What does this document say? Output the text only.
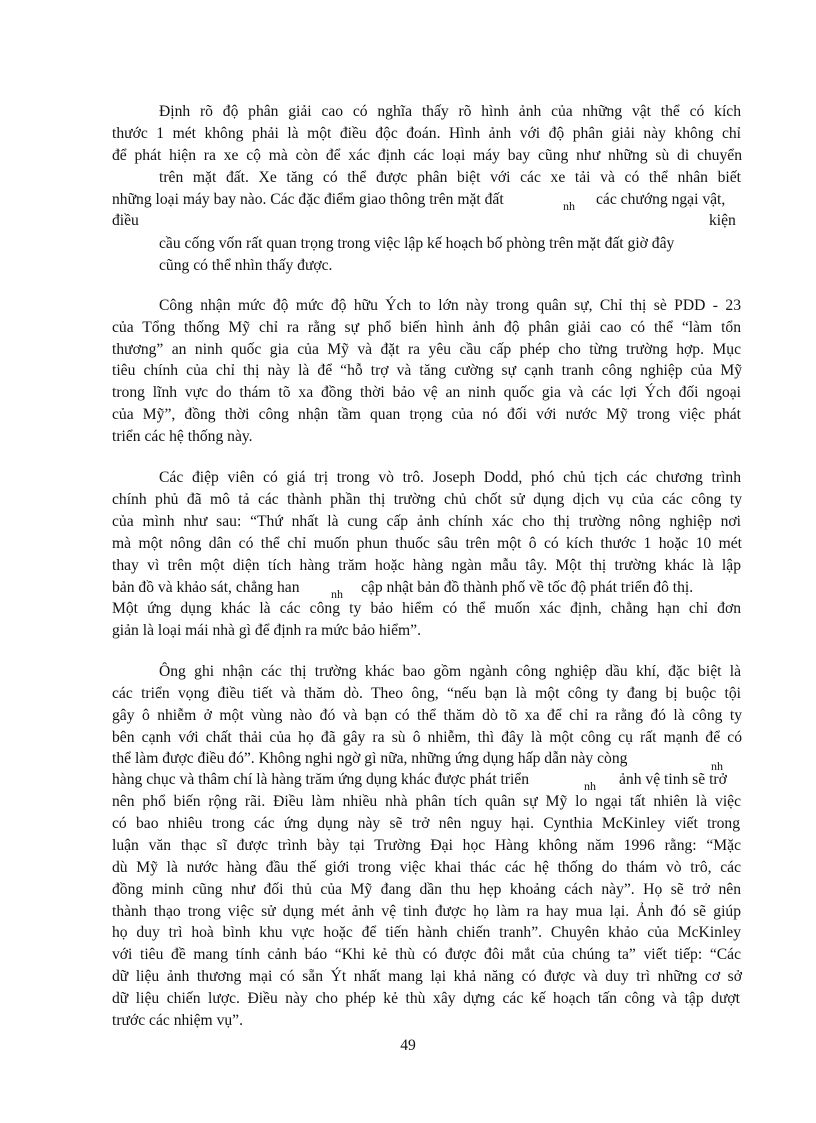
Định rõ độ phân giải cao có nghĩa thấy rõ hình ảnh của những vật thể có kích
thước 1 mét không phải là một điều độc đoán. Hình ảnh với độ phân giải này không chỉ
để phát hiện ra xe cộ mà còn để xác định các loại máy bay cũng như những sù di chuyển
trên mặt đất. Xe tăng có thể được phân biệt với các xe tải và có thể nhân biết
những loại máy bay nào. Các đặc điểm giao thông trên mặt đất	nh các chướng ngại vật,
điều	kiện
cầu cống vốn rất quan trọng trong việc lập kế hoạch bố phòng trên mặt đất giờ đây
cũng có thể nhìn thấy được.
Công nhận mức độ mức độ hữu Ých to lớn này trong quân sự, Chỉ thị sè PDD - 23
của Tổng thống Mỹ chỉ ra rằng sự phổ biến hình ảnh độ phân giải cao có thể “làm tổn
thương” an ninh quốc gia của Mỹ và đặt ra yêu cầu cấp phép cho từng trường hợp. Mục
tiêu chính của chỉ thị này là để “hỗ trợ và tăng cường sự cạnh tranh công nghiệp của Mỹ
trong lĩnh vực do thám tõ xa đồng thời bảo vệ an ninh quốc gia và các lợi Ých đối ngoại
của Mỹ”, đồng thời công nhận tầm quan trọng của nó đối với nước Mỹ trong việc phát
triển các hệ thống này.
Các điệp viên có giá trị trong vò trô. Joseph Dodd, phó chủ tịch các chương trình
chính phủ đã mô tả các thành phần thị trường chủ chốt sử dụng dịch vụ của các công ty
của mình như sau: “Thứ nhất là cung cấp ảnh chính xác cho thị trường nông nghiệp nơi
mà một nông dân có thể chỉ muốn phun thuốc sâu trên một ô có kích thước 1 hoặc 10 mét
thay vì trên một diện tích hàng trăm hoặc hàng ngàn mẫu tây. Một thị trường khác là lập
bản đồ và khảo sát, chẳng han	nh cập nhật bản đồ thành phố về tốc độ phát triển đô thị.
Một ứng dụng khác là các công ty bảo hiểm có thể muốn xác định, chẳng hạn chỉ đơn
giản là loại mái nhà gì để định ra mức bảo hiểm”.
Ông ghi nhận các thị trường khác bao gồm ngành công nghiệp dầu khí, đặc biệt là
các triển vọng điều tiết và thăm dò. Theo ông, “nếu bạn là một công ty đang bị buộc tội
gây ô nhiễm ở một vùng nào đó và bạn có thể thăm dò tõ xa để chỉ ra rằng đó là công ty
bên cạnh với chất thải của họ đã gây ra sù ô nhiễm, thì đây là một công cụ rất mạnh để có
thể làm được điều đó”. Không nghi ngờ gì nữa, những ứng dụng hấp dẫn này còng	nh
hàng chục và thâm chí là hàng trăm ứng dụng khác được phát triển	nh ảnh vệ tinh sẽ trở
nên phổ biến rộng rãi. Điều làm nhiều nhà phân tích quân sự Mỹ lo ngại tất nhiên là việc
có bao nhiêu trong các ứng dụng này sẽ trở nên nguy hại. Cynthia McKinley viết trong
luận văn thạc sĩ được trình bày tại Trường Đại học Hàng không năm 1996 rằng: “Mặc
dù Mỹ là nước hàng đầu thế giới trong việc khai thác các hệ thống do thám vò trô, các
đồng minh cũng như đối thủ của Mỹ đang dần thu hẹp khoảng cách này”. Họ sẽ trở nên
thành thạo trong việc sử dụng mét ảnh vệ tinh được họ làm ra hay mua lại. Ảnh đó sẽ giúp
họ duy trì hoà bình khu vực hoặc để tiến hành chiến tranh”. Chuyên khảo của McKinley
với tiêu đề mang tính cảnh báo “Khi kẻ thù có được đôi mắt của chúng ta” viết tiếp: “Các
dữ liệu ảnh thương mại có sẵn Ýt nhất mang lại khả năng có được và duy trì những cơ sở
dữ liệu chiến lược. Điều này cho phép kẻ thù xây dựng các kế hoạch tấn công và tập dượt
trước các nhiệm vụ”.
49
